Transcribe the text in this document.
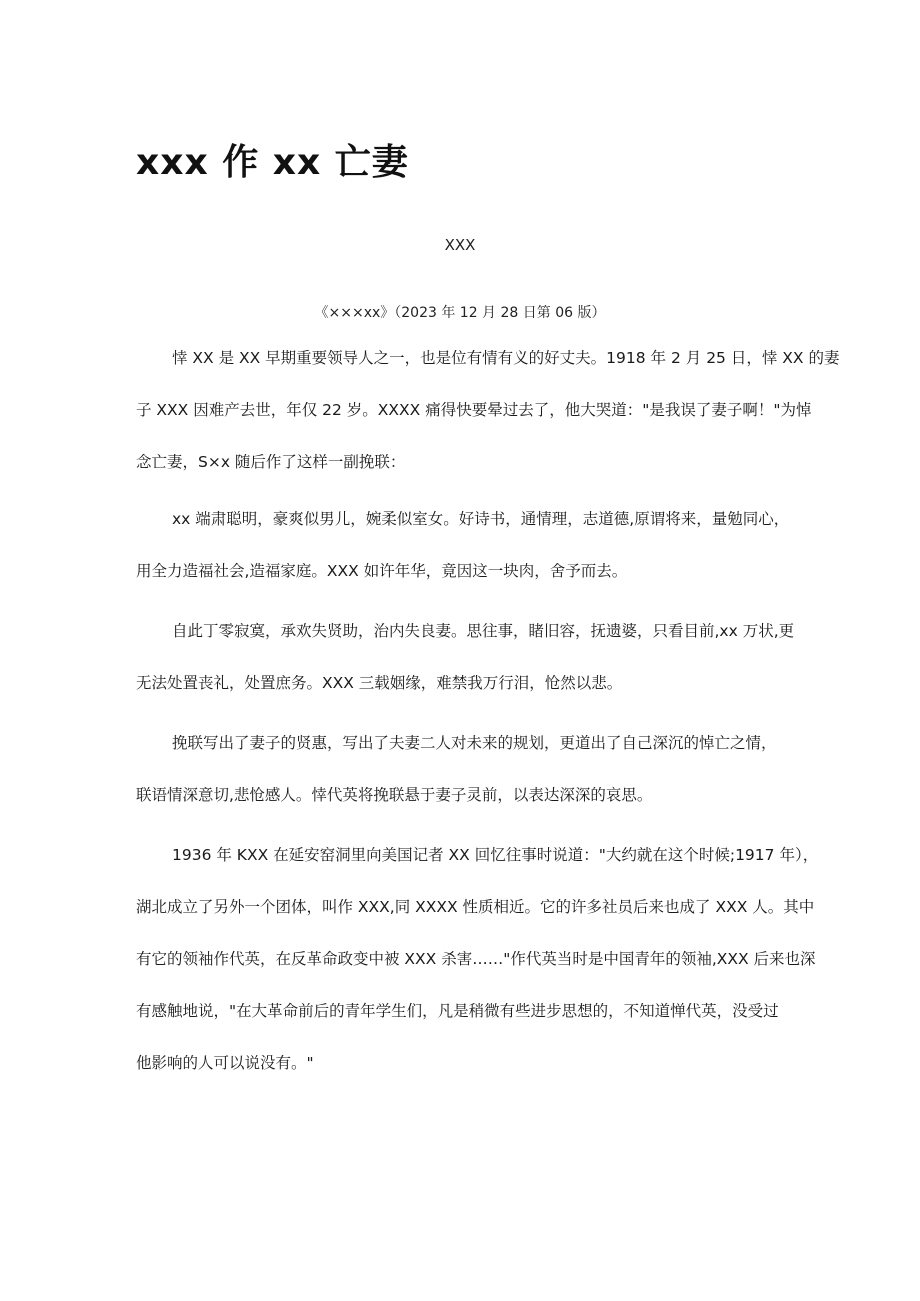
xxx 作 xx 亡妻
XXX
《×××xx》（2023 年 12 月 28 日第 06 版）
悻 XX 是 XX 早期重要领导人之一，也是位有情有义的好丈夫。1918 年 2 月 25 日，悻 XX 的妻
子 XXX 因难产去世，年仅 22 岁。XXXX 痛得快要晕过去了，他大哭道："是我误了妻子啊！"为悼
念亡妻，S×x 随后作了这样一副挽联：
xx 端肃聪明，豪爽似男儿，婉柔似室女。好诗书，通情理，志道德,原谓将来，量勉同心，
用全力造福社会,造福家庭。XXX 如许年华，竟因这一块肉，舍予而去。
自此丁零寂寞，承欢失贤助，治内失良妻。思往事，睹旧容，抚遗婆，只看目前,xx 万状,更
无法处置丧礼，处置庶务。XXX 三载姻缘，难禁我万行泪，怆然以悲。
挽联写出了妻子的贤惠，写出了夫妻二人对未来的规划，更道出了自己深沉的悼亡之情，
联语情深意切,悲怆感人。悻代英将挽联悬于妻子灵前，以表达深深的哀思。
1936 年 KXX 在延安窑洞里向美国记者 XX 回忆往事时说道："大约就在这个时候;1917 年），
湖北成立了另外一个团体，叫作 XXX,同 XXXX 性质相近。它的许多社员后来也成了 XXX 人。其中
有它的领袖作代英，在反革命政变中被 XXX 杀害……"作代英当时是中国青年的领袖,XXX 后来也深
有感触地说，"在大革命前后的青年学生们，凡是稍微有些进步思想的，不知道惮代英，没受过
他影响的人可以说没有。"
